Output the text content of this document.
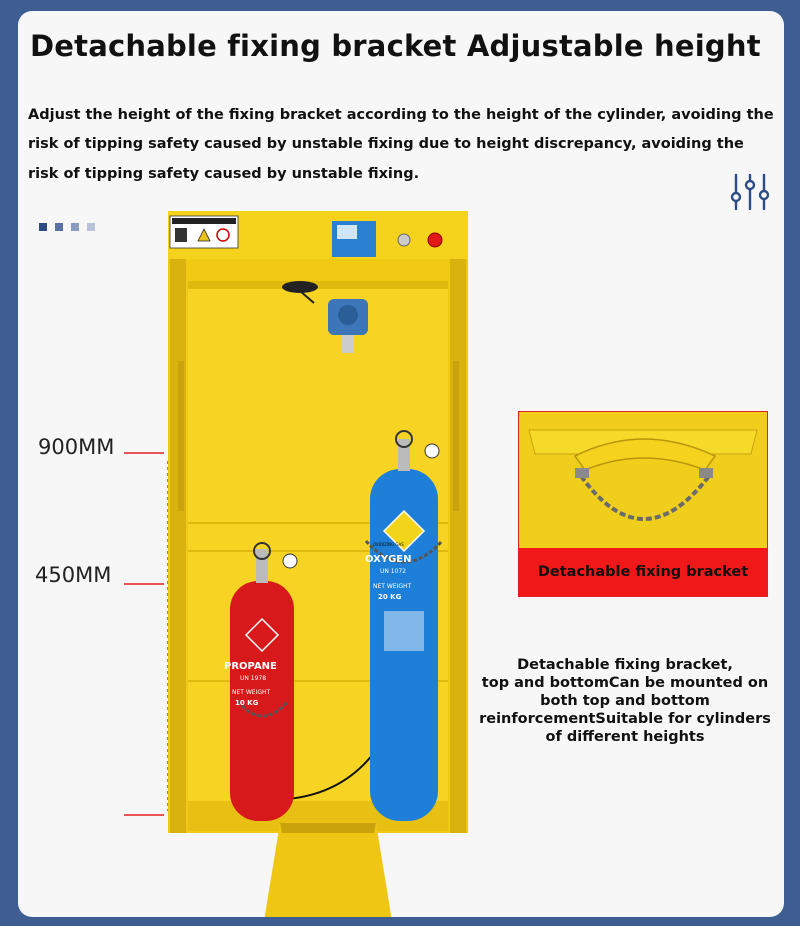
Detachable fixing bracket Adjustable height
Adjust the height of the fixing bracket according to the height of the cylinder, avoiding the
risk of tipping safety caused by unstable fixing due to height discrepancy, avoiding the
risk of tipping safety caused by unstable fixing.
900MM
450MM
PROPANE
UN 1978
NET WEIGHT
10 KG
OXIDIZING GAS
OXYGEN
UN 1072
NET WEIGHT
20 KG
Detachable fixing bracket
Detachable fixing bracket,
top and bottomCan be mounted on
both top and bottom
reinforcementSuitable for cylinders
of different heights
